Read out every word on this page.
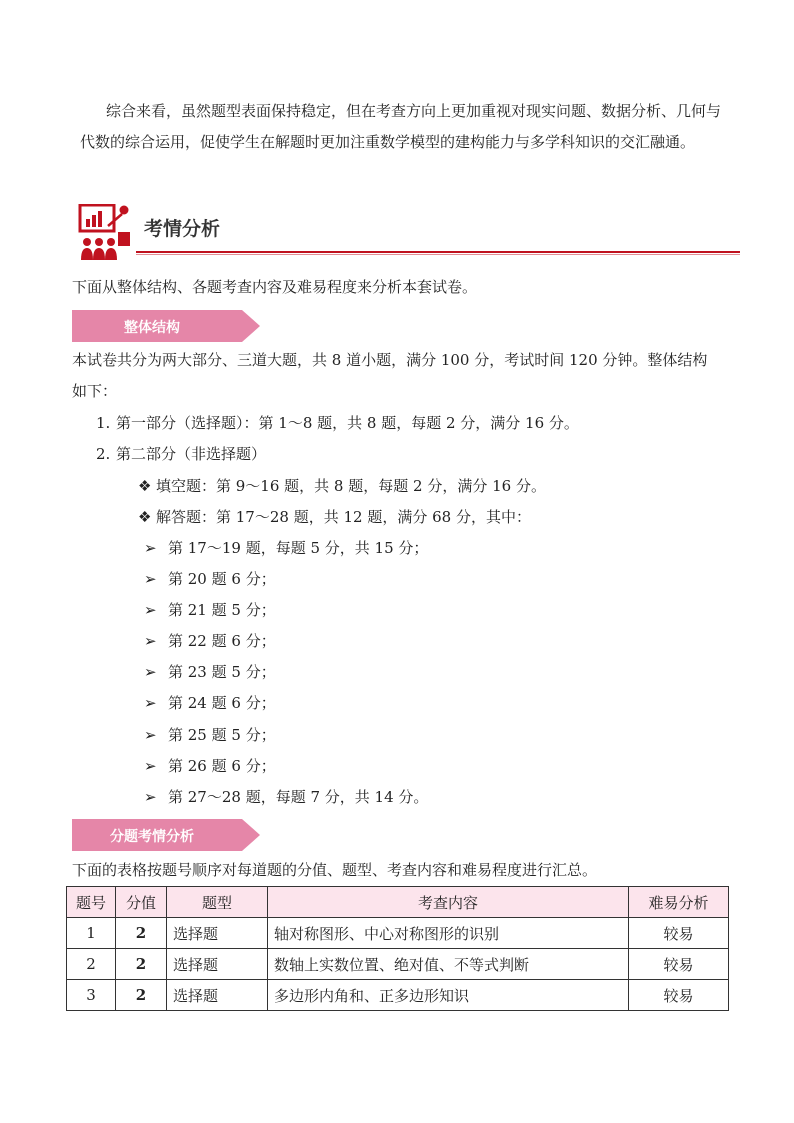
综合来看，虽然题型表面保持稳定，但在考查方向上更加重视对现实问题、数据分析、几何与代数的综合运用，促使学生在解题时更加注重数学模型的建构能力与多学科知识的交汇融通。
考情分析
下面从整体结构、各题考查内容及难易程度来分析本套试卷。
整体结构
本试卷共分为两大部分、三道大题，共 8 道小题，满分 100 分，考试时间 120 分钟。整体结构
如下：
1. 第一部分（选择题）：第 1～8 题，共 8 题，每题 2 分，满分 16 分。
2. 第二部分（非选择题）
❖ 填空题：第 9～16 题，共 8 题，每题 2 分，满分 16 分。
❖ 解答题：第 17～28 题，共 12 题，满分 68 分，其中：
➢ 第 17～19 题，每题 5 分，共 15 分；
➢ 第 20 题 6 分；
➢ 第 21 题 5 分；
➢ 第 22 题 6 分；
➢ 第 23 题 5 分；
➢ 第 24 题 6 分；
➢ 第 25 题 5 分；
➢ 第 26 题 6 分；
➢ 第 27～28 题，每题 7 分，共 14 分。
分题考情分析
下面的表格按题号顺序对每道题的分值、题型、考查内容和难易程度进行汇总。
题号	分值	题型	考查内容	难易分析
1	2	选择题	轴对称图形、中心对称图形的识别	较易
2	2	选择题	数轴上实数位置、绝对值、不等式判断	较易
3	2	选择题	多边形内角和、正多边形知识	较易
